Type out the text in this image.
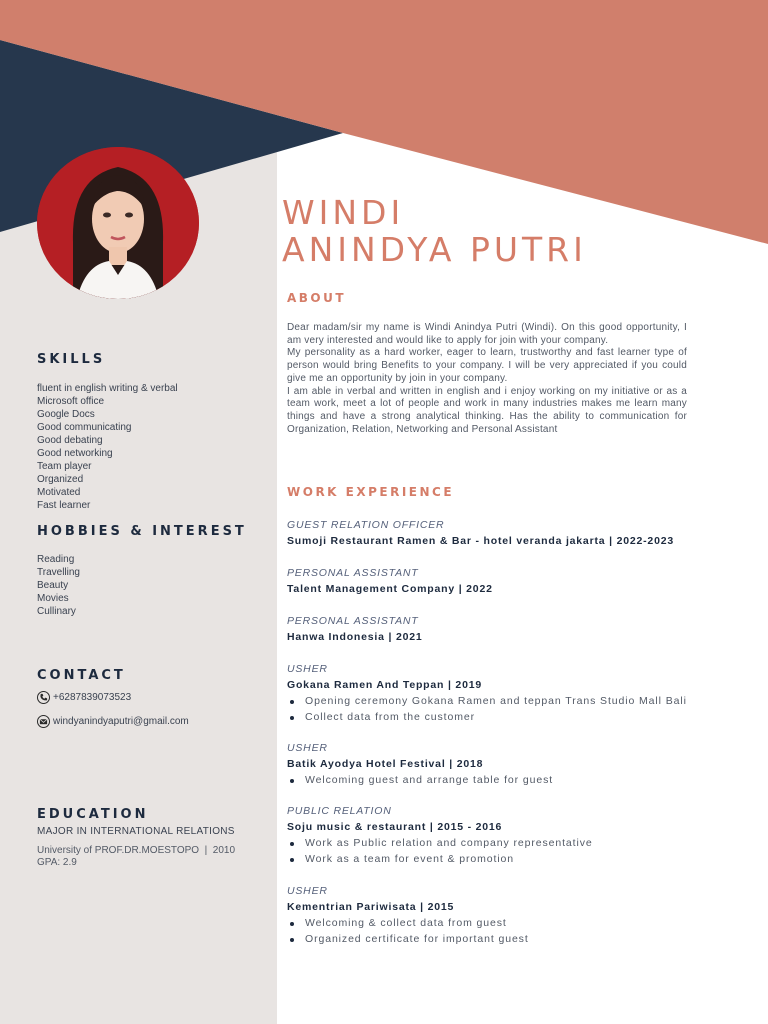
SKILLS
fluent in english writing & verbal
Microsoft office
Google Docs
Good communicating
Good debating
Good networking
Team player
Organized
Motivated
Fast learner
HOBBIES & INTEREST
Reading
Travelling
Beauty
Movies
Cullinary
CONTACT
+6287839073523
windyanindyaputri@gmail.com
EDUCATION
MAJOR IN INTERNATIONAL RELATIONS
University of PROF.DR.MOESTOPO  |  2010
GPA: 2.9
WINDI
ANINDYA PUTRI
ABOUT

Dear madam/sir my name is Windi Anindya Putri (Windi). On this good opportunity, I am very interested and would like to apply for join with your company.

My personality as a hard worker, eager to learn, trustworthy and fast learner type of person would bring Benefits to your company. I will be very appreciated if you could give me an opportunity by join in your company.

I am able in verbal and written in english and i enjoy working on my initiative or as a team work, meet a lot of people and work in many industries makes me learn many things and have a strong analytical thinking. Has the ability to communication for Organization, Relation, Networking and Personal Assistant

WORK EXPERIENCE
GUEST RELATION OFFICER
Sumoji Restaurant Ramen & Bar - hotel veranda jakarta | 2022-2023
PERSONAL ASSISTANT
Talent Management Company | 2022
PERSONAL ASSISTANT
Hanwa Indonesia | 2021
USHER
Gokana Ramen And Teppan | 2019
Opening ceremony Gokana Ramen and teppan Trans Studio Mall Bali
Collect data from the customer
USHER
Batik Ayodya Hotel Festival | 2018
Welcoming guest and arrange table for guest
PUBLIC RELATION
Soju music & restaurant | 2015 - 2016
Work as Public relation and company representative
Work as a team for event & promotion
USHER
Kementrian Pariwisata | 2015
Welcoming & collect data from guest
Organized certificate for important guest
